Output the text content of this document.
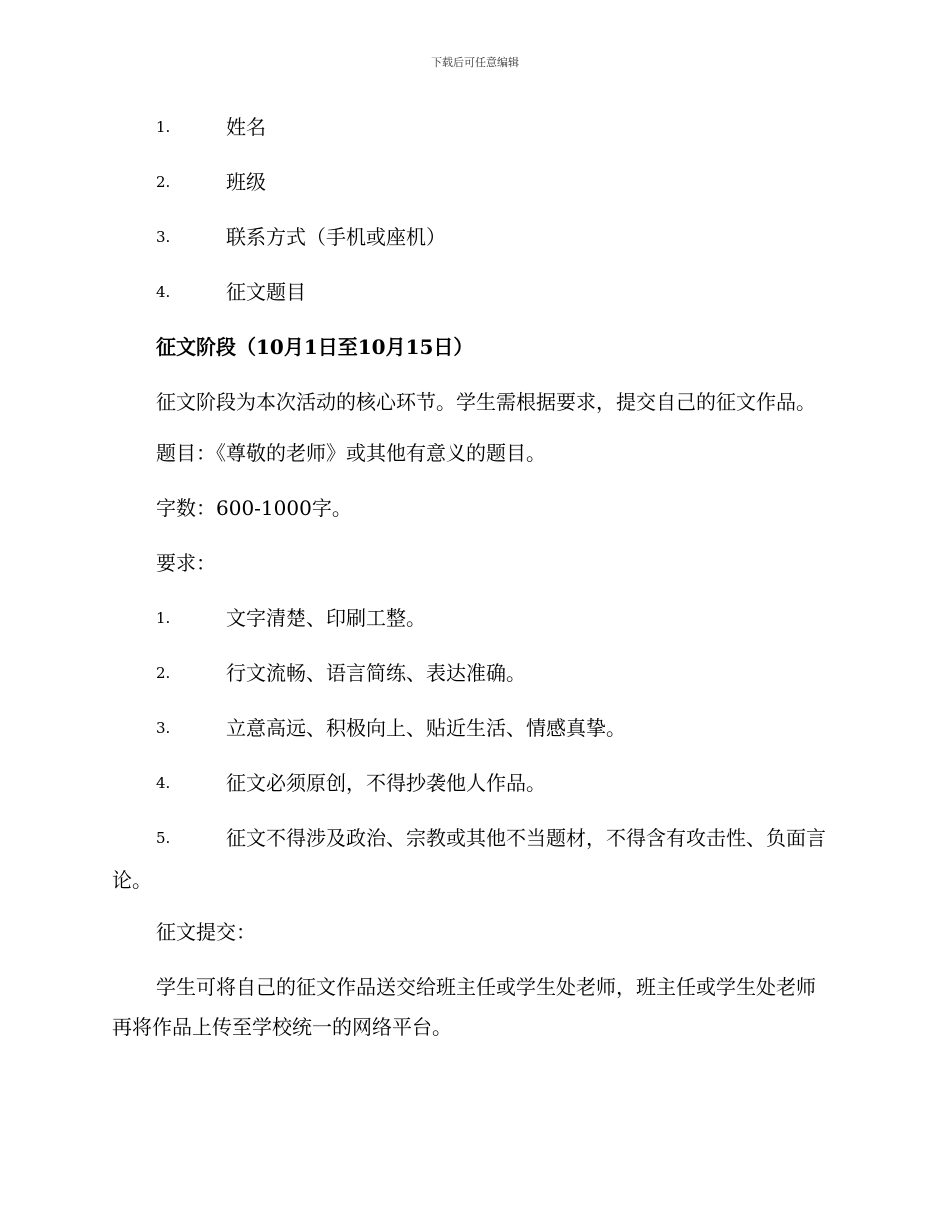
下载后可任意编辑
1.	姓名
2.	班级
3.	联系方式（手机或座机）
4.	征文题目
征文阶段（10月1日至10月15日）
征文阶段为本次活动的核心环节。学生需根据要求，提交自己的征文作品。
题目：《尊敬的老师》或其他有意义的题目。
字数：600-1000字。
要求：
1.	文字清楚、印刷工整。
2.	行文流畅、语言简练、表达准确。
3.	立意高远、积极向上、贴近生活、情感真挚。
4.	征文必须原创，不得抄袭他人作品。
5.	征文不得涉及政治、宗教或其他不当题材，不得含有攻击性、负面言论。
征文提交：
学生可将自己的征文作品送交给班主任或学生处老师，班主任或学生处老师再将作品上传至学校统一的网络平台。
